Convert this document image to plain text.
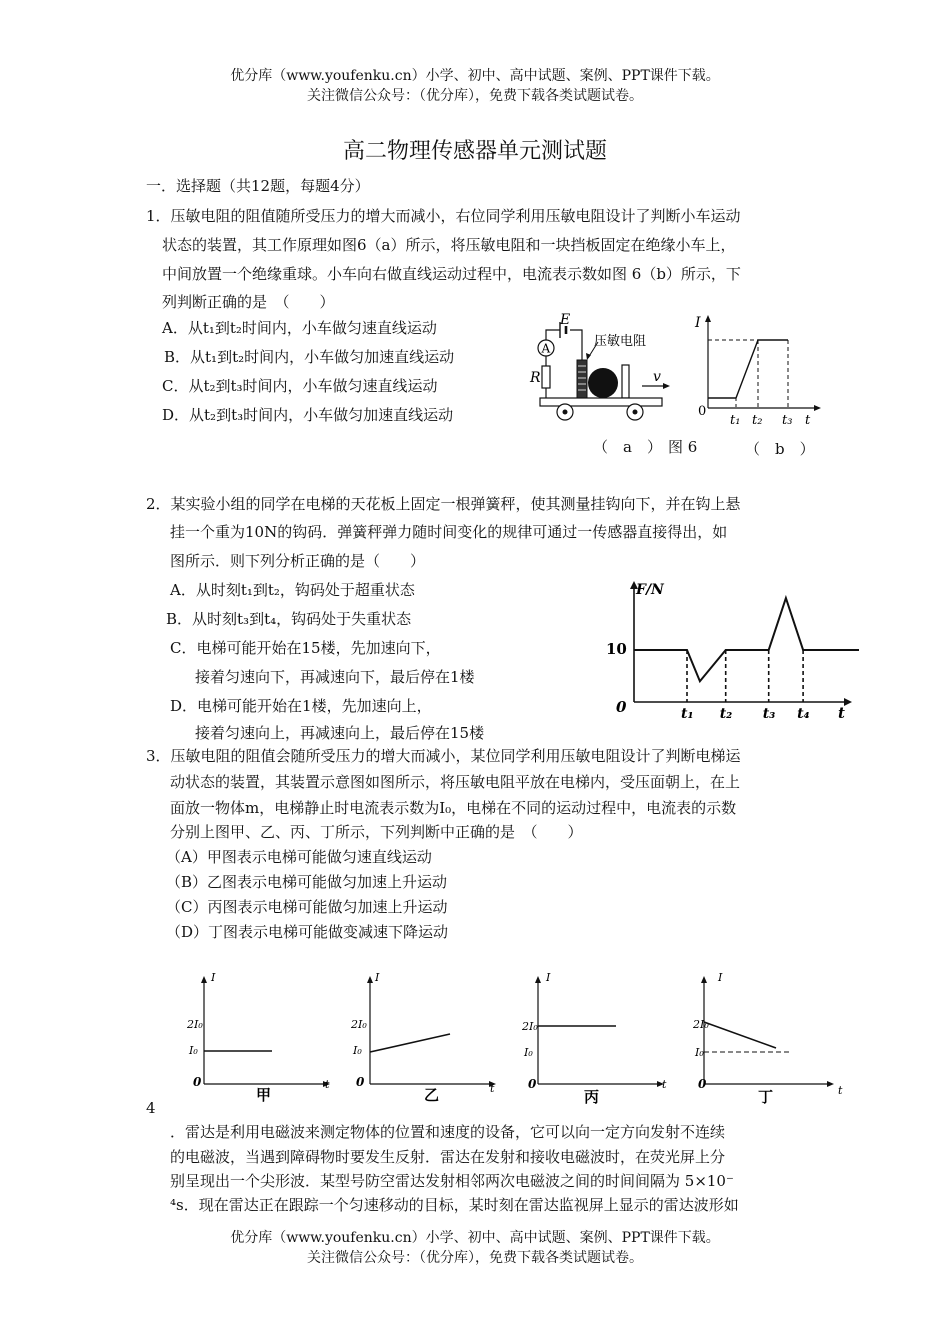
优分库（www.youfenku.cn）小学、初中、高中试题、案例、PPT课件下载。
关注微信公众号：（优分库），免费下载各类试题试卷。
高二物理传感器单元测试题
一．选择题（共12题，每题4分）
1．压敏电阻的阻值随所受压力的增大而减小，右位同学利用压敏电阻设计了判断小车运动
状态的装置，其工作原理如图6（a）所示，将压敏电阻和一块挡板固定在绝缘小车上，
中间放置一个绝缘重球。小车向右做直线运动过程中，电流表示数如图 6（b）所示，下
列判断正确的是　（　　）
A．从t₁到t₂时间内，小车做匀速直线运动
B．从t₁到t₂时间内，小车做匀加速直线运动
C．从t₂到t₃时间内，小车做匀速直线运动
D．从t₂到t₃时间内，小车做匀加速直线运动
A
R
E
压敏电阻
v
（　a　） 图 6	（　b　）
I
0
t₁ t₂ t₃ t
2．某实验小组的同学在电梯的天花板上固定一根弹簧秤，使其测量挂钩向下，并在钩上悬
挂一个重为10N的钩码．弹簧秤弹力随时间变化的规律可通过一传感器直接得出，如
图所示．则下列分析正确的是（　　）
A．从时刻t₁到t₂，钩码处于超重状态
B．从时刻t₃到t₄，钩码处于失重状态
C．电梯可能开始在15楼，先加速向下，
接着匀速向下，再减速向下，最后停在1楼
D．电梯可能开始在1楼，先加速向上，
接着匀速向上，再减速向上，最后停在15楼
F/N
10
0	t
t₁ t₂ t₃ t₄
3．压敏电阻的阻值会随所受压力的增大而减小，某位同学利用压敏电阻设计了判断电梯运
动状态的装置，其装置示意图如图所示，将压敏电阻平放在电梯内，受压面朝上，在上
面放一物体m，电梯静止时电流表示数为I₀，电梯在不同的运动过程中，电流表的示数
分别上图甲、乙、丙、丁所示，下列判断中正确的是　（　　）
（A）甲图表示电梯可能做匀速直线运动
（B）乙图表示电梯可能做匀加速上升运动
（C）丙图表示电梯可能做匀加速上升运动
（D）丁图表示电梯可能做变减速下降运动
I
2I₀
I₀
0	t
甲
I
2I₀
I₀
0	t
乙
I
2I₀
I₀
0	t
丙
I
2I₀
I₀
0	t
丁
4
．雷达是利用电磁波来测定物体的位置和速度的设备，它可以向一定方向发射不连续
的电磁波，当遇到障碍物时要发生反射．雷达在发射和接收电磁波时，在荧光屏上分
别呈现出一个尖形波．某型号防空雷达发射相邻两次电磁波之间的时间间隔为 5×10⁻
⁴s．现在雷达正在跟踪一个匀速移动的目标，某时刻在雷达监视屏上显示的雷达波形如
优分库（www.youfenku.cn）小学、初中、高中试题、案例、PPT课件下载。
关注微信公众号：（优分库），免费下载各类试题试卷。
